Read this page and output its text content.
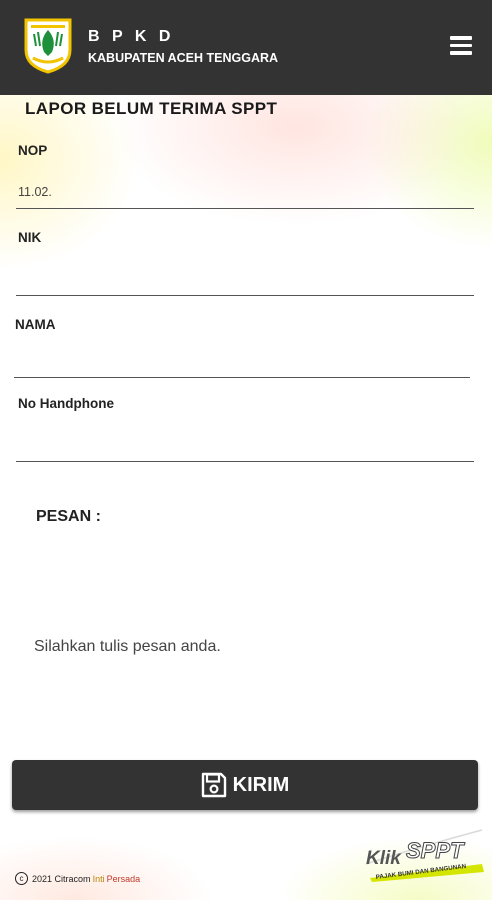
B P K D
KABUPATEN ACEH TENGGARA
LAPOR BELUM TERIMA SPPT
NOP
11.02.
NIK
NAMA
No Handphone
PESAN :
Silahkan tulis pesan anda.
KIRIM
c 2021
Citracom Inti Persada
Klik SPPT
PAJAK BUMI DAN BANGUNAN
